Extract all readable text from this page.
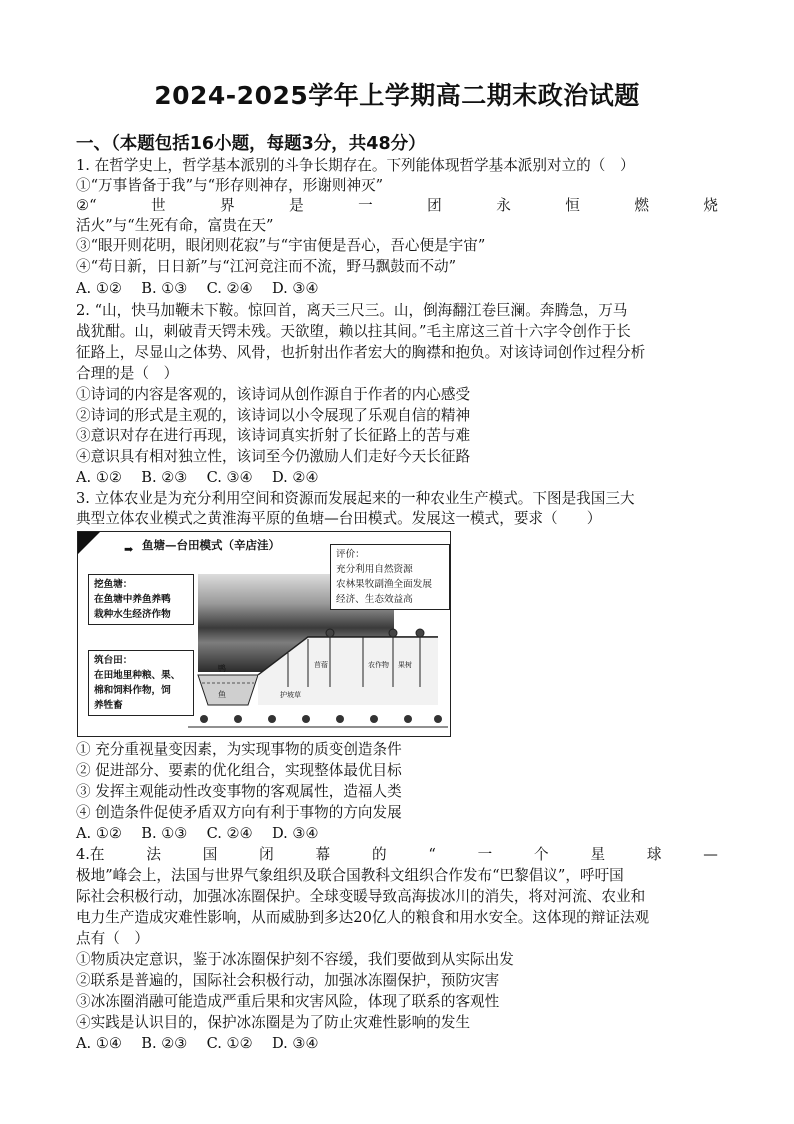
2024-2025学年上学期高二期末政治试题
一、（本题包括16小题，每题3分，共48分）
1. 在哲学史上，哲学基本派别的斗争长期存在。下列能体现哲学基本派别对立的（　）
①“万事皆备于我”与“形存则神存，形谢则神灭”
②“	世	界	是	一	团	永	恒	燃	烧
活火”与“生死有命，富贵在天”
③“眼开则花明，眼闭则花寂”与“宇宙便是吾心，吾心便是宇宙”
④“苟日新，日日新”与“江河竞注而不流，野马飘鼓而不动”
A. ①②　 B. ①③　 C. ②④　 D. ③④
2. “山，快马加鞭未下鞍。惊回首，离天三尺三。山，倒海翻江卷巨澜。奔腾急，万马
战犹酣。山，刺破青天锷未残。天欲堕，赖以拄其间。”毛主席这三首十六字令创作于长
征路上，尽显山之体势、风骨，也折射出作者宏大的胸襟和抱负。对该诗词创作过程分析
合理的是（　）
①诗词的内容是客观的，该诗词从创作源自于作者的内心感受
②诗词的形式是主观的，该诗词以小令展现了乐观自信的精神
③意识对存在进行再现，该诗词真实折射了长征路上的苦与难
④意识具有相对独立性，该词至今仍激励人们走好今天长征路
A. ①②　 B. ②③　 C. ③④　 D. ②④
3. 立体农业是为充分利用空间和资源而发展起来的一种农业生产模式。下图是我国三大
典型立体农业模式之黄淮海平原的鱼塘—台田模式。发展这一模式，要求（　　）
➡ 鱼塘—台田模式（辛店洼）
挖鱼塘：
在鱼塘中养鱼养鸭
栽种水生经济作物
筑台田：
在田地里种粮、果、
棉和饲料作物，饲
养牲畜
评价：
充分利用自然资源
农林果牧副渔全面发展
经济、生态效益高
鸭
鱼	护坡草
苜蓿	农作物 果树
① 充分重视量变因素，为实现事物的质变创造条件
② 促进部分、要素的优化组合，实现整体最优目标
③ 发挥主观能动性改变事物的客观属性，造福人类
④ 创造条件促使矛盾双方向有利于事物的方向发展
A. ①②　 B. ①③　 C. ②④　 D. ③④
4.在	法	国	闭	幕	的	“	一	个	星	球	—
极地”峰会上，法国与世界气象组织及联合国教科文组织合作发布“巴黎倡议”，呼吁国
际社会积极行动，加强冰冻圈保护。全球变暖导致高海拔冰川的消失，将对河流、农业和
电力生产造成灾难性影响，从而威胁到多达20亿人的粮食和用水安全。这体现的辩证法观
点有（　）
①物质决定意识，鉴于冰冻圈保护刻不容缓，我们要做到从实际出发
②联系是普遍的，国际社会积极行动，加强冰冻圈保护，预防灾害
③冰冻圈消融可能造成严重后果和灾害风险，体现了联系的客观性
④实践是认识目的，保护冰冻圈是为了防止灾难性影响的发生
A. ①④　 B. ②③　 C. ①②　 D. ③④
